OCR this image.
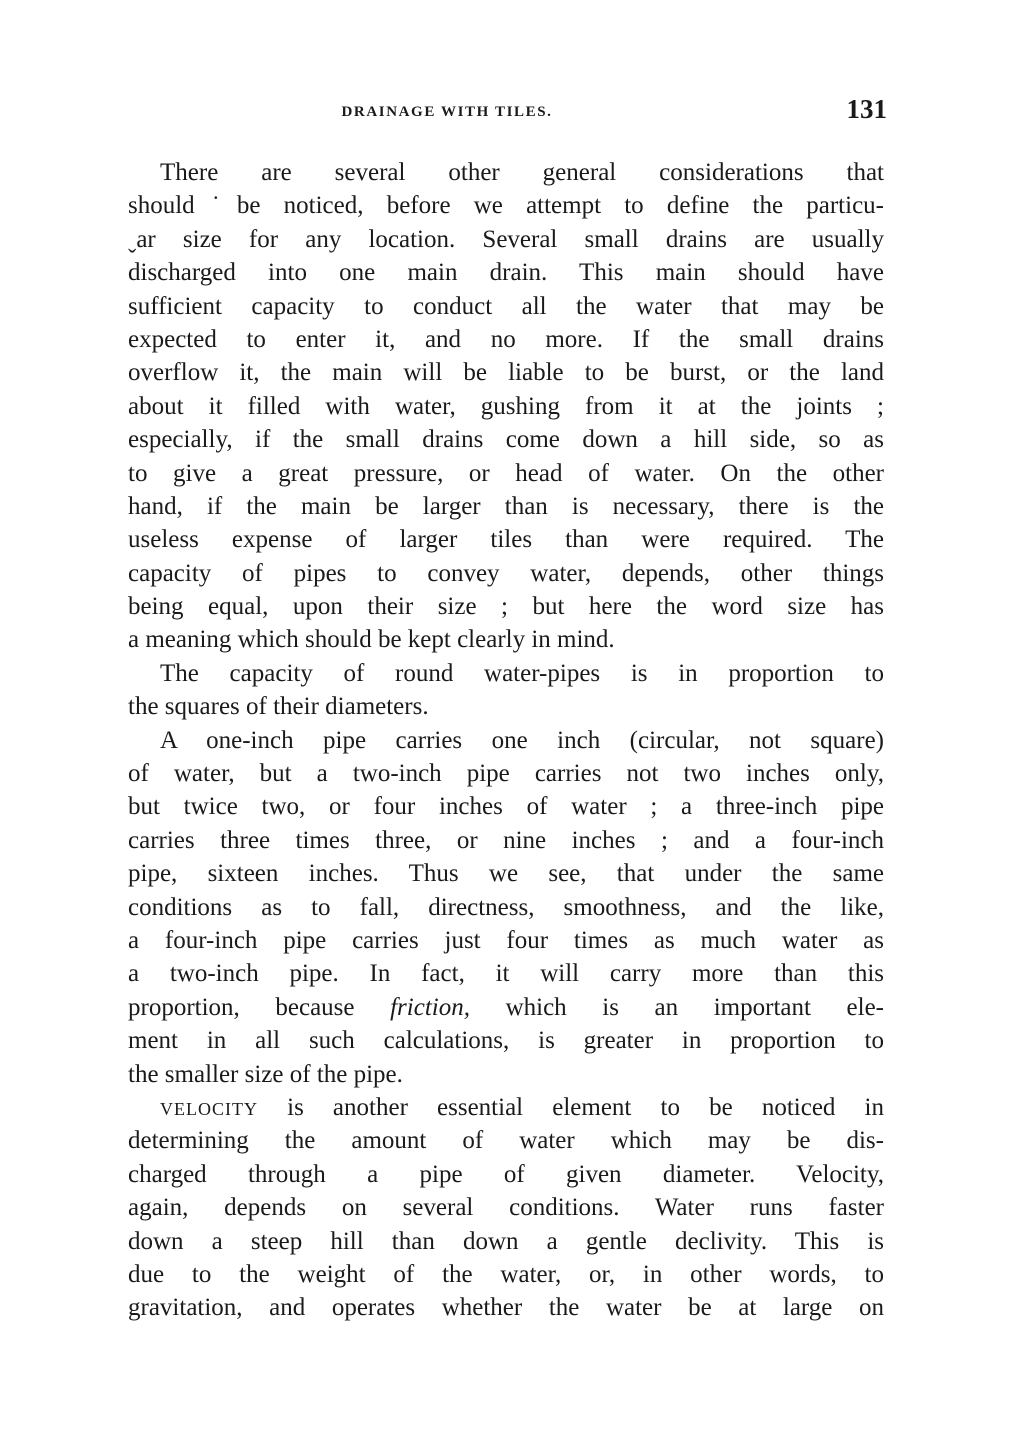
DRAINAGE WITH TILES.	131
There are several other general considerations that
should˙be noticed, before we attempt to define the particu-
ˬar size for any location. Several small drains are usually
discharged into one main drain. This main should have
sufficient capacity to conduct all the water that may be
expected to enter it, and no more. If the small drains
overflow it, the main will be liable to be burst, or the land
about it filled with water, gushing from it at the joints ;
especially, if the small drains come down a hill side, so as
to give a great pressure, or head of water. On the other
hand, if the main be larger than is necessary, there is the
useless expense of larger tiles than were required. The
capacity of pipes to convey water, depends, other things
being equal, upon their size ; but here the word size has
a meaning which should be kept clearly in mind.
The capacity of round water-pipes is in proportion to
the squares of their diameters.
A one-inch pipe carries one inch (circular, not square)
of water, but a two-inch pipe carries not two inches only,
but twice two, or four inches of water ; a three-inch pipe
carries three times three, or nine inches ; and a four-inch
pipe, sixteen inches. Thus we see, that under the same
conditions as to fall, directness, smoothness, and the like,
a four-inch pipe carries just four times as much water as
a two-inch pipe. In fact, it will carry more than this
proportion, because friction, which is an important ele-
ment in all such calculations, is greater in proportion to
the smaller size of the pipe.
VELOCITY is another essential element to be noticed in
determining the amount of water which may be dis-
charged through a pipe of given diameter. Velocity,
again, depends on several conditions. Water runs faster
down a steep hill than down a gentle declivity. This is
due to the weight of the water, or, in other words, to
gravitation, and operates whether the water be at large on
